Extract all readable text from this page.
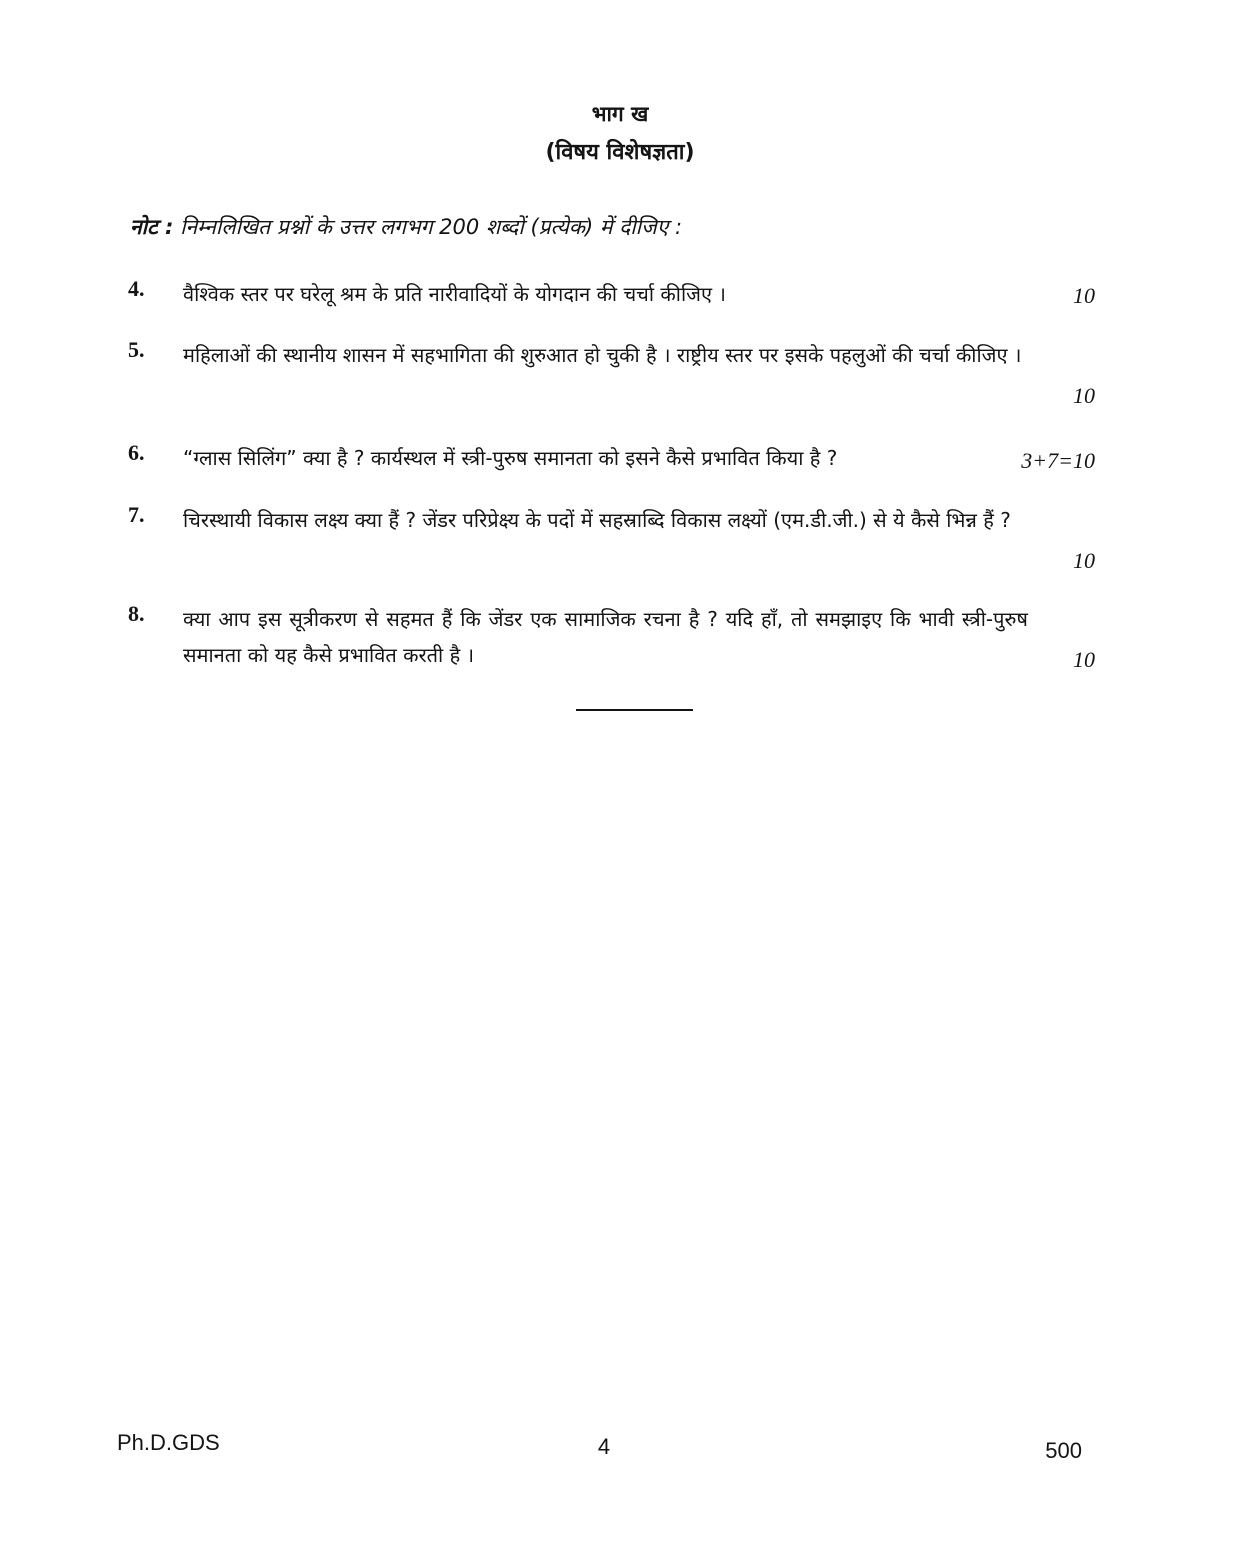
भाग ख
(विषय विशेषज्ञता)
नोट : निम्नलिखित प्रश्नों के उत्तर लगभग 200 शब्दों (प्रत्येक) में दीजिए :
4. वैश्विक स्तर पर घरेलू श्रम के प्रति नारीवादियों के योगदान की चर्चा कीजिए ।	10
5. महिलाओं की स्थानीय शासन में सहभागिता की शुरुआत हो चुकी है । राष्ट्रीय स्तर पर इसके पहलुओं की चर्चा कीजिए ।
10
6. “ग्लास सिलिंग” क्या है ? कार्यस्थल में स्त्री-पुरुष समानता को इसने कैसे प्रभावित किया है ?	3+7=10
7. चिरस्थायी विकास लक्ष्य क्या हैं ? जेंडर परिप्रेक्ष्य के पदों में सहस्राब्दि विकास लक्ष्यों (एम.डी.जी.) से ये कैसे भिन्न हैं ?
10
8. क्या आप इस सूत्रीकरण से सहमत हैं कि जेंडर एक सामाजिक रचना है ? यदि हाँ, तो समझाइए कि भावी स्त्री-पुरुष समानता को यह कैसे प्रभावित करती है ।	10
Ph.D.GDS	4	500
